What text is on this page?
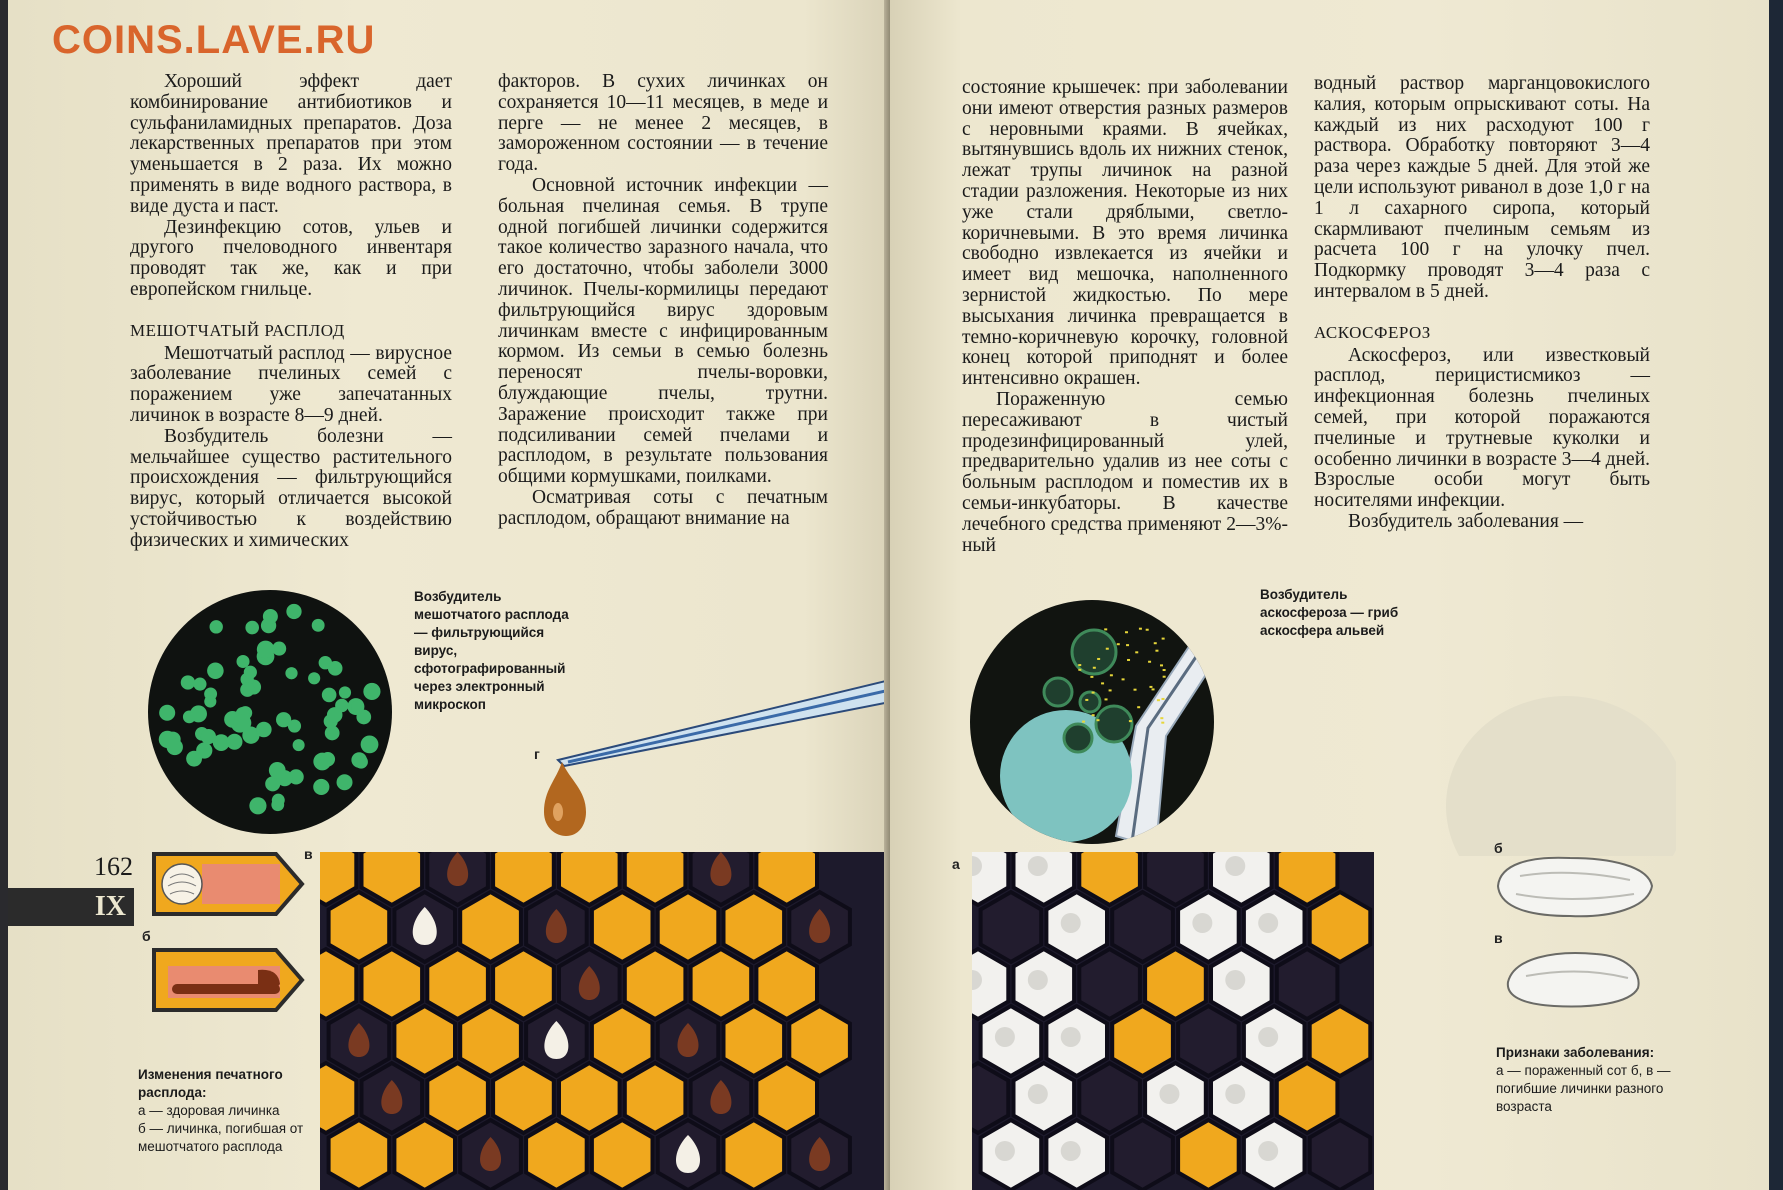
COINS.LAVE.RU

Хороший эффект дает комбинирование антибиотиков и сульфаниламидных препаратов. Доза лекарственных препаратов при этом уменьшается в 2 раза. Их можно применять в виде водного раствора, в виде дуста и паст.

Дезинфекцию сотов, ульев и другого пчеловодного инвентаря проводят так же, как и при европейском гнильце.

МЕШОТЧАТЫЙ РАСПЛОД

Мешотчатый расплод — вирусное заболевание пчелиных семей с поражением уже запечатанных личинок в возрасте 8—9 дней.

Возбудитель болезни — мельчайшее существо растительного происхождения — фильтрующийся вирус, который отличается высокой устойчивостью к воздействию физических и химических

факторов. В сухих личинках он сохраняется 10—11 месяцев, в меде и перге — не менее 2 месяцев, в замороженном состоянии — в течение года.

Основной источник инфекции — больная пчелиная семья. В трупе одной погибшей личинки содержится такое количество заразного начала, что его достаточно, чтобы заболели 3000 личинок. Пчелы-кормилицы передают фильтрующийся вирус здоровым личинкам вместе с инфицированным кормом. Из семьи в семью болезнь переносят пчелы-воровки, блуждающие пчелы, трутни. Заражение происходит также при подсиливании семей пчелами и расплодом, в результате пользования общими кормушками, поилками.

Осматривая соты с печатным расплодом, обращают внимание на

Возбудитель мешотчатого расплода — фильтрующийся вирус, сфотографированный через электронный микроскоп
г
162
IX
б
в

Изменения печатного расплода:

а — здоровая личинка

б — личинка, погибшая от мешотчатого расплода

состояние крышечек: при заболевании они имеют отверстия разных размеров с неровными краями. В ячейках, вытянувшись вдоль их нижних стенок, лежат трупы личинок на разной стадии разложения. Некоторые из них уже стали дряблыми, светло-коричневыми. В это время личинка свободно извлекается из ячейки и имеет вид мешочка, наполненного зернистой жидкостью. По мере высыхания личинка превращается в темно-коричневую корочку, головной конец которой приподнят и более интенсивно окрашен.

Пораженную семью пересаживают в чистый продезинфицированный улей, предварительно удалив из нее соты с больным расплодом и поместив их в семьи-инкубаторы. В качестве лечебного средства применяют 2—3%-ный

водный раствор марганцовокислого калия, которым опрыскивают соты. На каждый из них расходуют 100 г раствора. Обработку повторяют 3—4 раза через каждые 5 дней. Для этой же цели используют риванол в дозе 1,0 г на 1 л сахарного сиропа, который скармливают пчелиным семьям из расчета 100 г на улочку пчел. Подкормку проводят 3—4 раза с интервалом в 5 дней.

АСКОСФЕРОЗ

Аскосфероз, или известковый расплод, перицистисмикоз — инфекционная болезнь пчелиных семей, при которой поражаются пчелиные и трутневые куколки и особенно личинки в возрасте 3—4 дней. Взрослые особи могут быть носителями инфекции.

Возбудитель заболевания —

Возбудитель аскосфероза — гриб аскосфера альвей
а
б
в

Признаки заболевания:

а — пораженный сот б, в — погибшие личинки разного возраста
